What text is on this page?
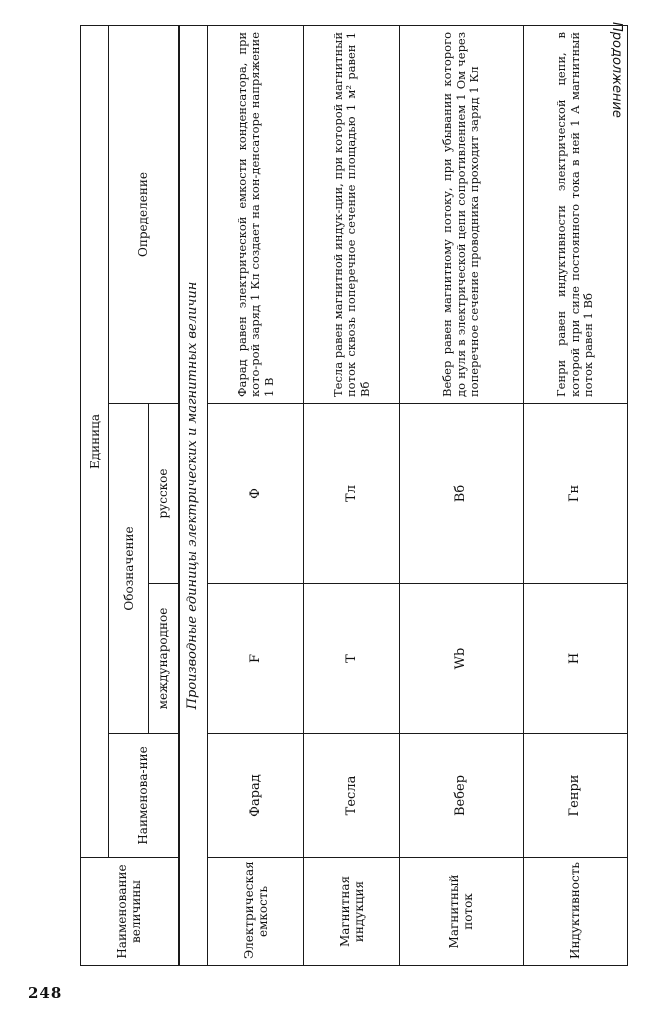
Продолжение
Наименование величины	Единица			
	Наименова-ние	Обозначение		Определение
		международное	русское	
Производные единицы электрических и магнитных величин				
Электрическая емкость	Фарад	F	Ф	Фарад равен электрической емкости конденсатора, при кото-рой заряд 1 Кл создает на кон-денсаторе напряжение 1 В
Магнитная индукция	Тесла	T	Тл	Тесла равен магнитной индук-ции, при которой магнитный поток сквозь поперечное сечение площадью 1 м² равен 1 Вб
Магнитный поток	Вебер	Wb	Вб	Вебер равен магнитному потоку, при убывании которого до нуля в электрической цепи сопротивлением 1 Ом через поперечное сечение проводника проходит заряд 1 Кл
Индуктивность	Генри	H	Гн	Генри равен индуктивности электрической цепи, в которой при силе постоянного тока в ней 1 А магнитный поток равен 1 Вб
248
